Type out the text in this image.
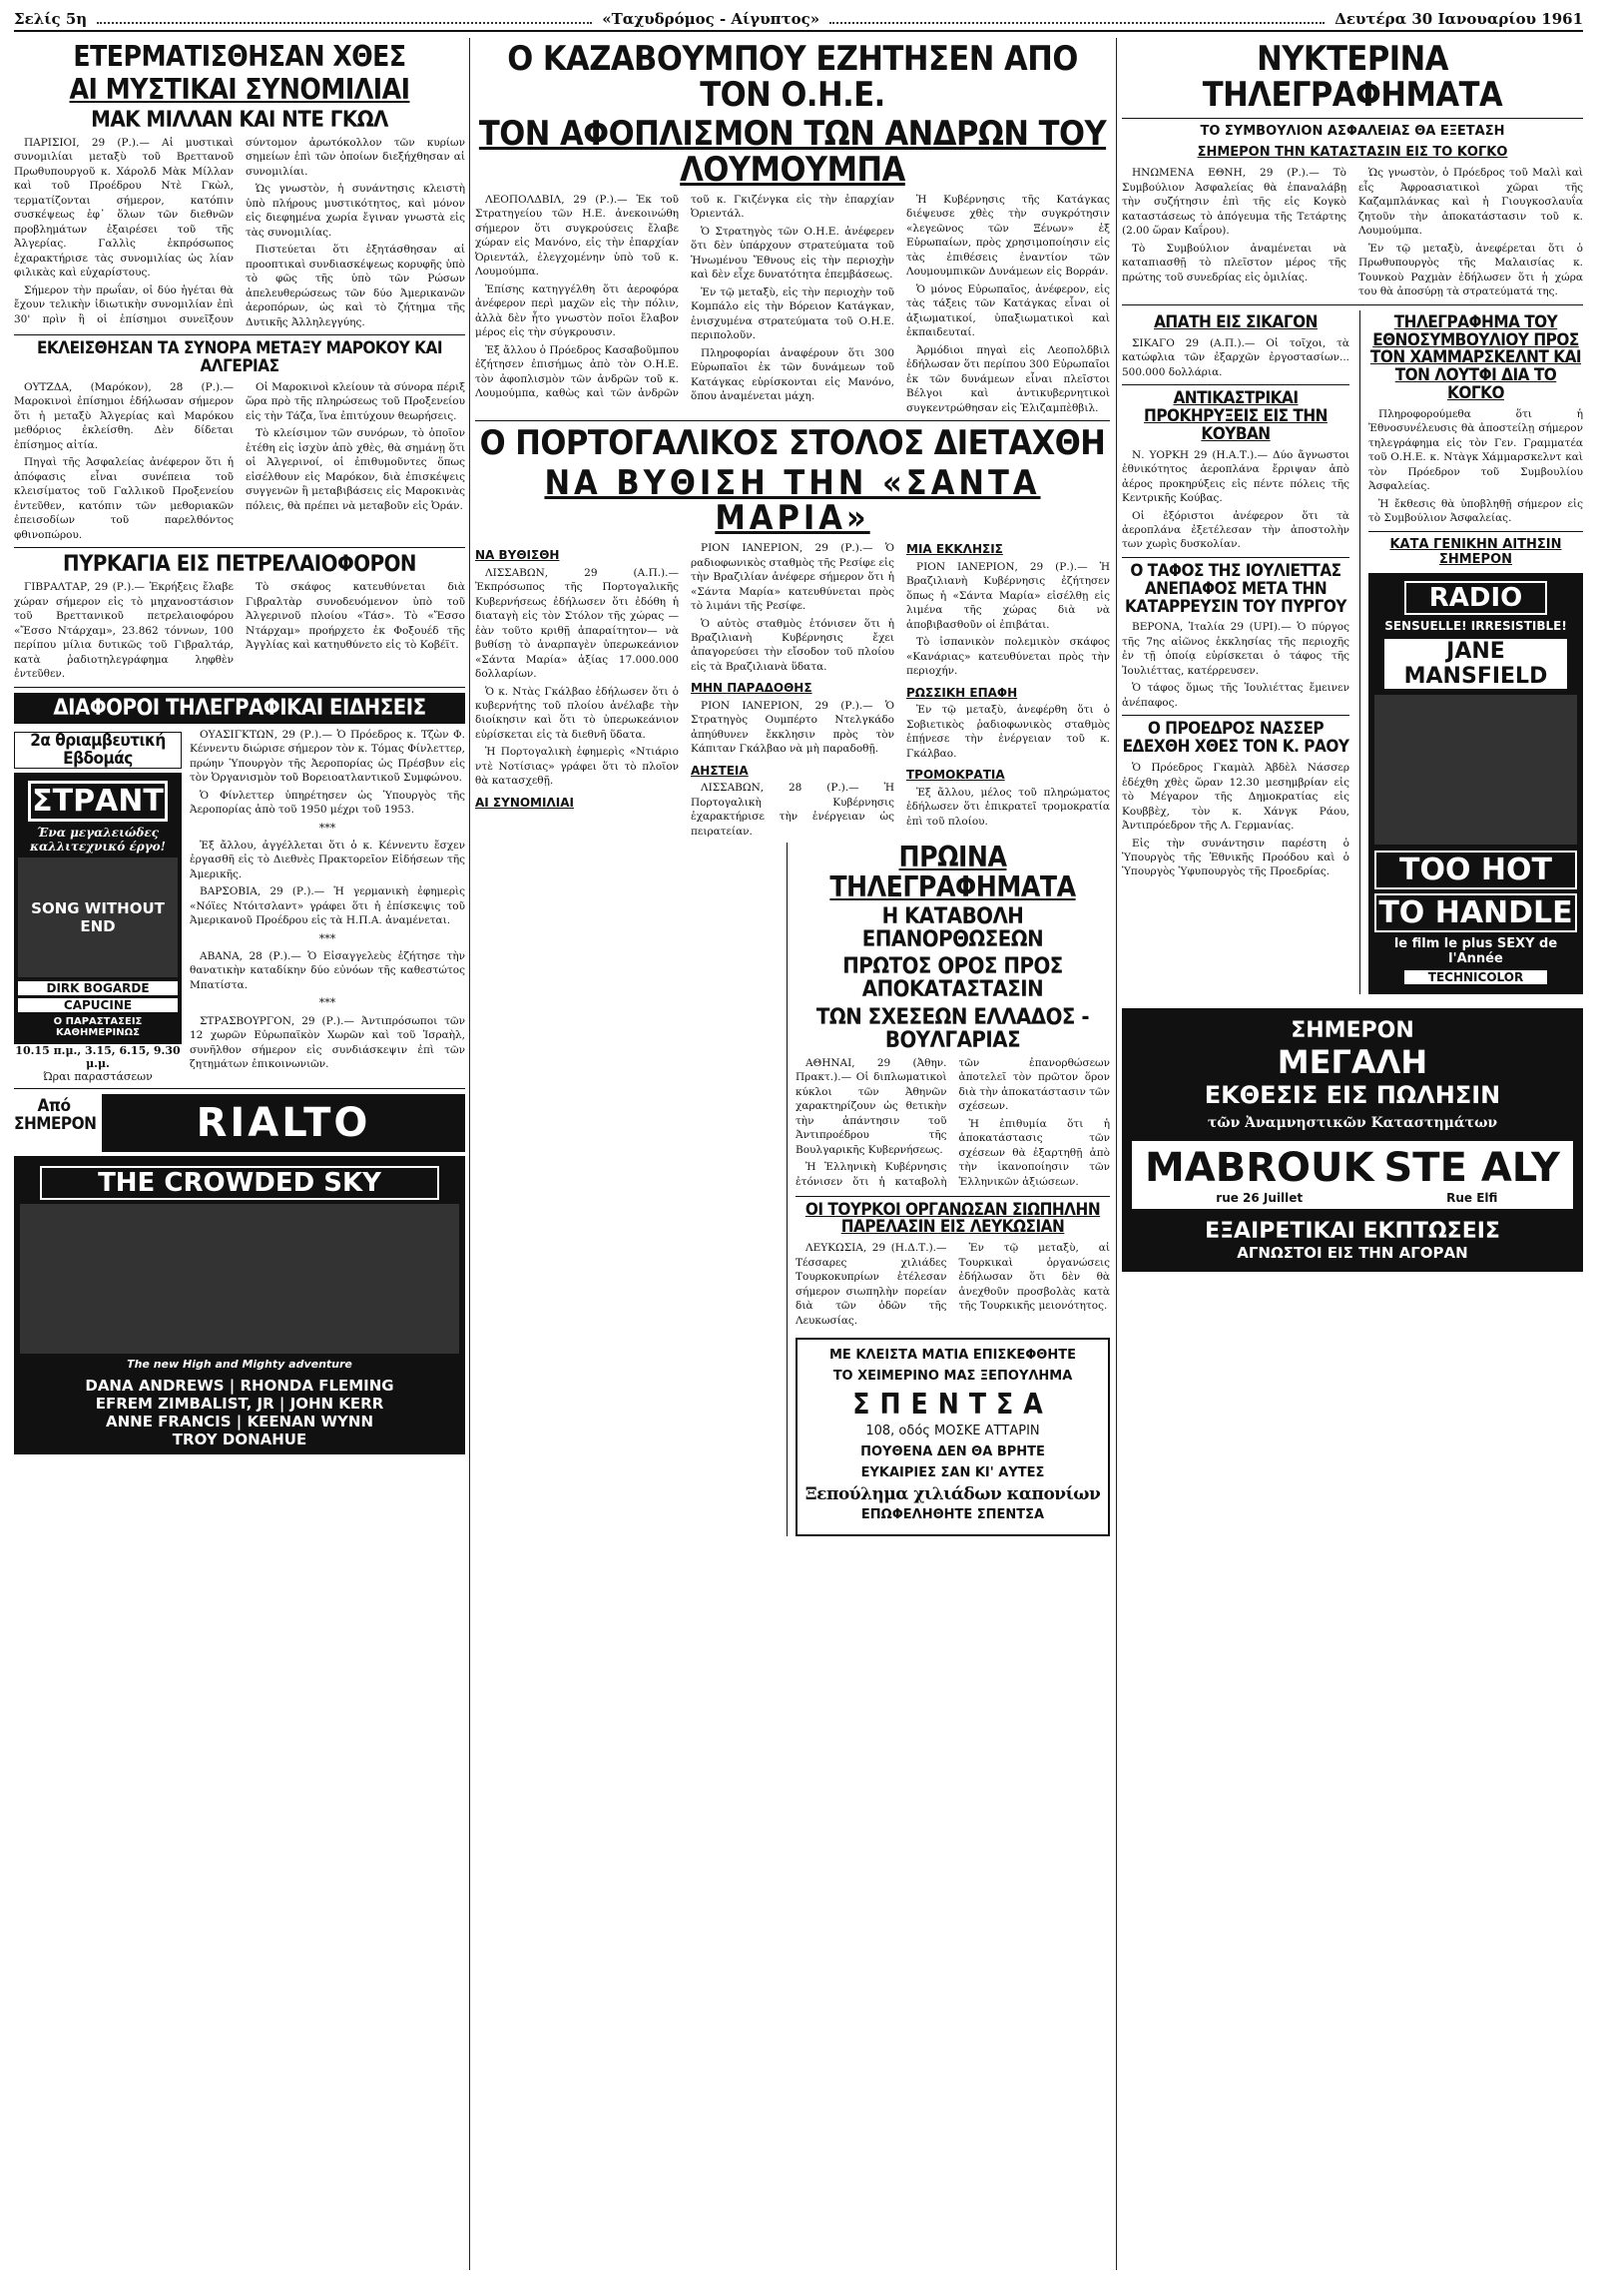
Σελίς 5η	«Ταχυδρόμος - Αίγυπτος»	Δευτέρα 30 Ιανουαρίου 1961
ΕΤΕΡΜΑΤΙΣΘΗΣΑΝ ΧΘΕΣ
ΑΙ ΜΥΣΤΙΚΑΙ ΣΥΝΟΜΙΛΙΑΙ
ΜΑΚ ΜΙΛΛΑΝ ΚΑΙ ΝΤΕ ΓΚΩΛ

ΠΑΡΙΣΙΟΙ, 29 (Ρ.).— Αἱ μυστικαὶ συνομιλίαι μεταξὺ τοῦ Βρεττανοῦ Πρωθυπουργοῦ κ. Χάρολδ Μὰκ Μίλλαν καὶ τοῦ Προέδρου Ντὲ Γκὼλ, τερματίζονται σήμερον, κατόπιν συσκέψεως ἐφ᾿ ὅλων τῶν διεθνῶν προβλημάτων ἐξαιρέσει τοῦ τῆς Ἀλγερίας. Γαλλὶς ἐκπρόσωπος ἐχαρακτήρισε τὰς συνομιλίας ὡς λίαν φιλικὰς καὶ εὐχαρίστους.

Σήμερον τὴν πρωΐαν, οἱ δύο ἡγέται θὰ ἔχουν τελικὴν ἰδιωτικὴν συνομιλίαν ἐπὶ 30' πρὶν ἢ οἱ ἐπίσημοι συνεῖξουν σύντομον ἀρωτόκολλον τῶν κυρίων σημείων ἐπὶ τῶν ὁποίων διεξήχθησαν αἱ συνομιλίαι.

Ὡς γνωστὸν, ἡ συνάντησις κλειστὴ ὑπὸ πλήρους μυστικότητος, καὶ μόνον εἰς διεφημένα χωρία ἔγιναν γνωστὰ εἰς τὰς συνομιλίας.

Πιστεύεται ὅτι ἐξητάσθησαν αἱ προοπτικαὶ συνδιασκέψεως κορυφῆς ὑπὸ τὸ φῶς τῆς ὑπὸ τῶν Ρώσων ἀπελευθερώσεως τῶν δύο Ἀμερικανῶν ἀεροπόρων, ὡς καὶ τὸ ζήτημα τῆς Δυτικῆς Ἀλληλεγγύης.

ΕΚΛΕΙΣΘΗΣΑΝ ΤΑ ΣΥΝΟΡΑ ΜΕΤΑΞΥ ΜΑΡΟΚΟΥ ΚΑΙ ΑΛΓΕΡΙΑΣ

ΟΥΤΖΔΑ, (Μαρόκον), 28 (Ρ.).— Μαροκινοὶ ἐπίσημοι ἐδήλωσαν σήμερον ὅτι ἡ μεταξὺ Ἀλγερίας καὶ Μαρόκου μεθόριος ἐκλείσθη. Δὲν δίδεται ἐπίσημος αἰτία.

Πηγαὶ τῆς Ἀσφαλείας ἀνέφερον ὅτι ἡ ἀπόφασις εἶναι συνέπεια τοῦ κλεισίματος τοῦ Γαλλικοῦ Προξενείου ἐντεῦθεν, κατόπιν τῶν μεθοριακῶν ἐπεισοδίων τοῦ παρελθόντος φθινοπώρου.

Οἱ Μαροκινοὶ κλείουν τὰ σύνορα πέριξ ὥρα πρὸ τῆς πληρώσεως τοῦ Προξενείου εἰς τὴν Τάζα, ἵνα ἐπιτύχουν θεωρήσεις.

Τὸ κλείσιμον τῶν συνόρων, τὸ ὁποῖον ἐτέθη εἰς ἰσχὺν ἀπὸ χθὲς, θὰ σημάνῃ ὅτι οἱ Ἀλγερινοί, οἱ ἐπιθυμοῦντες ὅπως εἰσέλθουν εἰς Μαρόκον, διὰ ἐπισκέψεις συγγενῶν ἢ μεταβιβάσεις εἰς Μαροκινὰς πόλεις, θὰ πρέπει νὰ μεταβοῦν εἰς Ὀράν.

ΠΥΡΚΑΓΙΑ ΕΙΣ ΠΕΤΡΕΛΑΙΟΦΟΡΟΝ

ΓΙΒΡΑΛΤΑΡ, 29 (Ρ.).— Ἐκρήξεις ἔλαβε χώραν σήμερον εἰς τὸ μηχανοστάσιον τοῦ Βρεττανικοῦ πετρελαιοφόρου «Ἔσσο Ντάρχαμ», 23.862 τόννων, 100 περίπου μίλια δυτικῶς τοῦ Γιβραλτάρ, κατὰ ῥαδιοτηλεγράφημα ληφθὲν ἐντεῦθεν.

Τὸ σκάφος κατευθύνεται διὰ Γιβραλτὰρ συνοδευόμενον ὑπὸ τοῦ Ἀλγερινοῦ πλοίου «Τάσ». Τὸ «Ἔσσο Ντάρχαμ» προήρχετο ἐκ Φοξουέδ τῆς Ἀγγλίας καὶ κατηυθύνετο εἰς τὸ Κοβέϊτ.

ΔΙΑΦΟΡΟΙ ΤΗΛΕΓΡΑΦΙΚΑΙ ΕΙΔΗΣΕΙΣ
2α θριαμβευτική Εβδομάς
ΣΤΡΑΝΤ
Ένα μεγαλειώδες καλλιτεχνικό έργο!
SONG WITHOUT END
DIRK BOGARDE
CAPUCINE
Ο ΠΑΡΑΣΤΑΣΕΙΣ ΚΑΘΗΜΕΡΙΝΩΣ
10.15 π.μ., 3.15, 6.15, 9.30 μ.μ.
Ώραι παραστάσεων

ΟΥΑΣΙΓΚΤΩΝ, 29 (Ρ.).— Ὁ Πρόεδρος κ. Τζὼν Φ. Κέννεντυ διώρισε σήμερον τὸν κ. Τόμας Φίνλεττερ, πρώην Ὑπουργὸν τῆς Ἀεροπορίας ὡς Πρέσβυν εἰς τὸν Ὀργανισμὸν τοῦ Βορειοατλαντικοῦ Συμφώνου.

Ὁ Φίνλεττερ ὑπηρέτησεν ὡς Ὑπουργὸς τῆς Ἀεροπορίας ἀπὸ τοῦ 1950 μέχρι τοῦ 1953.

***

Ἐξ ἄλλου, ἀγγέλλεται ὅτι ὁ κ. Κέννεντυ ἔσχεν ἐργασθῆ εἰς τὸ Διεθνὲς Πρακτορεῖον Εἰδήσεων τῆς Ἀμερικῆς.

ΒΑΡΣΟΒΙΑ, 29 (Ρ.).— Ἡ γερμανικὴ ἐφημερὶς «Νόϊες Ντόιτσλαντ» γράφει ὅτι ἡ ἐπίσκεψις τοῦ Ἀμερικανοῦ Προέδρου εἰς τὰ Η.Π.Α. ἀναμένεται.

***

ΑΒΑΝΑ, 28 (Ρ.).— Ὁ Εἰσαγγελεὺς ἐζήτησε τὴν θανατικὴν καταδίκην δύο εὐνόων τῆς καθεστώτος Μπατίστα.

***

ΣΤΡΑΣΒΟΥΡΓΟΝ, 29 (Ρ.).— Ἀντιπρόσωποι τῶν 12 χωρῶν Εὐρωπαϊκὸν Χωρῶν καὶ τοῦ Ἰσραὴλ, συνῆλθον σήμερον εἰς συνδιάσκεψιν ἐπὶ τῶν ζητημάτων ἐπικοινωνιῶν.

Από ΣΗΜΕΡΟΝ	RIALTO
THE CROWDED SKY
The new High and Mighty adventure
DANA ANDREWS | RHONDA FLEMING
EFREM ZIMBALIST, JR | JOHN KERR
ANNE FRANCIS | KEENAN WYNN
TROY DONAHUE
Ο ΚΑΖΑΒΟΥΜΠΟΥ ΕΖΗΤΗΣΕΝ ΑΠΟ ΤΟΝ Ο.Η.Ε.
ΤΟΝ ΑΦΟΠΛΙΣΜΟΝ ΤΩΝ ΑΝΔΡΩΝ ΤΟΥ ΛΟΥΜΟΥΜΠΑ

ΛΕΟΠΟΛΔΒΙΛ, 29 (Ρ.).— Ἐκ τοῦ Στρατηγείου τῶν Η.Ε. ἀνεκοινώθη σήμερον ὅτι συγκρούσεις ἔλαβε χώραν εἰς Μανόνο, εἰς τὴν ἐπαρχίαν Ὀριεντάλ, ἐλεγχομένην ὑπὸ τοῦ κ. Λουμούμπα.

Ἐπίσης κατηγγέλθη ὅτι ἀεροφόρα ἀνέφερον περὶ μαχῶν εἰς τὴν πόλιν, ἀλλὰ δὲν ἦτο γνωστὸν ποῖοι ἔλαβον μέρος εἰς τὴν σύγκρουσιν.

Ἐξ ἄλλου ὁ Πρόεδρος Κασαβοῦμπου ἐζήτησεν ἐπισήμως ἀπὸ τὸν Ο.Η.Ε. τὸν ἀφοπλισμὸν τῶν ἀνδρῶν τοῦ κ. Λουμούμπα, καθὼς καὶ τῶν ἀνδρῶν τοῦ κ. Γκιζένγκα εἰς τὴν ἐπαρχίαν Ὀριεντάλ.

Ὁ Στρατηγὸς τῶν Ο.Η.Ε. ἀνέφερεν ὅτι δὲν ὑπάρχουν στρατεύματα τοῦ Ἡνωμένου Ἔθνους εἰς τὴν περιοχὴν καὶ δὲν εἶχε δυνατότητα ἐπεμβάσεως.

Ἐν τῷ μεταξὺ, εἰς τὴν περιοχὴν τοῦ Κομπάλο εἰς τὴν Βόρειον Κατάγκαν, ἐνισχυμένα στρατεύματα τοῦ Ο.Η.Ε. περιπολοῦν.

Πληροφορίαι ἀναφέρουν ὅτι 300 Εὐρωπαῖοι ἐκ τῶν δυνάμεων τοῦ Κατάγκας εὑρίσκονται εἰς Μανόνο, ὅπου ἀναμένεται μάχη.

Ἡ Κυβέρνησις τῆς Κατάγκας διέψευσε χθὲς τὴν συγκρότησιν «λεγεῶνος τῶν Ξένων» ἐξ Εὐρωπαίων, πρὸς χρησιμοποίησιν εἰς τὰς ἐπιθέσεις ἐναντίον τῶν Λουμουμπικῶν Δυνάμεων εἰς Βορράν.

Ὁ μόνος Εὐρωπαῖος, ἀνέφερον, εἰς τὰς τάξεις τῶν Κατάγκας εἶναι οἱ ἀξιωματικοί, ὑπαξιωματικοὶ καὶ ἐκπαιδευταί.

Ἀρμόδιοι πηγαὶ εἰς Λεοπολδβιλ ἐδήλωσαν ὅτι περίπου 300 Εὐρωπαῖοι ἐκ τῶν δυνάμεων εἶναι πλεῖστοι Βέλγοι καὶ ἀντικυβερνητικοὶ συγκεντρώθησαν εἰς Ἐλιζαμπὲθβιλ.

Ο ΠΟΡΤΟΓΑΛΙΚΟΣ ΣΤΟΛΟΣ ΔΙΕΤΑΧΘΗ
ΝΑ ΒΥΘΙΣΗ ΤΗΝ «ΣΑΝΤΑ ΜΑΡΙΑ»
ΝΑ ΒΥΘΙΣΘΗ

ΛΙΣΣΑΒΩΝ, 29 (Α.Π.).— Ἐκπρόσωπος τῆς Πορτογαλικῆς Κυβερνήσεως ἐδήλωσεν ὅτι ἐδόθη ἡ διαταγὴ εἰς τὸν Στόλον τῆς χώρας —ἐὰν τοῦτο κριθῇ ἀπαραίτητον— νὰ βυθίσῃ τὸ ἀναρπαγὲν ὑπερωκεάνιον «Σάντα Μαρία» ἀξίας 17.000.000 δολλαρίων.

Ὁ κ. Ντὰς Γκάλβαο ἐδήλωσεν ὅτι ὁ κυβερνήτης τοῦ πλοίου ἀνέλαβε τὴν διοίκησιν καὶ ὅτι τὸ ὑπερωκεάνιον εὑρίσκεται εἰς τὰ διεθνῆ ὕδατα.

Ἡ Πορτογαλικὴ ἐφημερὶς «Ντιάριο ντὲ Νοτίσιας» γράφει ὅτι τὸ πλοῖον θὰ κατασχεθῇ.

ΑΙ ΣΥΝΟΜΙΛΙΑΙ

ΡΙΟΝ ΙΑΝΕΡΙΟΝ, 29 (Ρ.).— Ὁ ραδιοφωνικὸς σταθμὸς τῆς Ρεσίφε εἰς τὴν Βραζιλίαν ἀνέφερε σήμερον ὅτι ἡ «Σάντα Μαρία» κατευθύνεται πρὸς τὸ λιμάνι τῆς Ρεσίφε.

Ὁ αὐτὸς σταθμὸς ἐτόνισεν ὅτι ἡ Βραζιλιανὴ Κυβέρνησις ἔχει ἀπαγορεύσει τὴν εἴσοδον τοῦ πλοίου εἰς τὰ Βραζιλιανὰ ὕδατα.

ΜΗΝ ΠΑΡΑΔΟΘΗΣ

ΡΙΟΝ ΙΑΝΕΡΙΟΝ, 29 (Ρ.).— Ὁ Στρατηγὸς Ουμπέρτο Ντελγκάδο ἀπηύθυνεν ἔκκλησιν πρὸς τὸν Κάπιταν Γκάλβαο νὰ μὴ παραδοθῇ.

ΑΗΣΤΕΙΑ

ΛΙΣΣΑΒΩΝ, 28 (Ρ.).— Ἡ Πορτογαλικὴ Κυβέρνησις ἐχαρακτήρισε τὴν ἐνέργειαν ὡς πειρατείαν.

ΜΙΑ ΕΚΚΛΗΣΙΣ

ΡΙΟΝ ΙΑΝΕΡΙΟΝ, 29 (Ρ.).— Ἡ Βραζιλιανὴ Κυβέρνησις ἐζήτησεν ὅπως ἡ «Σάντα Μαρία» εἰσέλθῃ εἰς λιμένα τῆς χώρας διὰ νὰ ἀποβιβασθοῦν οἱ ἐπιβάται.

Τὸ ἰσπανικὸν πολεμικὸν σκάφος «Κανάριας» κατευθύνεται πρὸς τὴν περιοχήν.

ΡΩΣΣΙΚΗ ΕΠΑΦΗ

Ἐν τῷ μεταξὺ, ἀνεφέρθη ὅτι ὁ Σοβιετικὸς ῥαδιοφωνικὸς σταθμὸς ἐπῄνεσε τὴν ἐνέργειαν τοῦ κ. Γκάλβαο.

ΤΡΟΜΟΚΡΑΤΙΑ

Ἐξ ἄλλου, μέλος τοῦ πληρώματος ἐδήλωσεν ὅτι ἐπικρατεῖ τρομοκρατία ἐπὶ τοῦ πλοίου.

ΠΡΩΙΝΑ ΤΗΛΕΓΡΑΦΗΜΑΤΑ
Η ΚΑΤΑΒΟΛΗ ΕΠΑΝΟΡΘΩΣΕΩΝ
ΠΡΩΤΟΣ ΟΡΟΣ ΠΡΟΣ ΑΠΟΚΑΤΑΣΤΑΣΙΝ
ΤΩΝ ΣΧΕΣΕΩΝ ΕΛΛΑΔΟΣ - ΒΟΥΛΓΑΡΙΑΣ

ΑΘΗΝΑΙ, 29 (Ἀθην. Πρακτ.).— Οἱ διπλωματικοὶ κύκλοι τῶν Ἀθηνῶν χαρακτηρίζουν ὡς θετικὴν τὴν ἀπάντησιν τοῦ Ἀντιπροέδρου τῆς Βουλγαρικῆς Κυβερνήσεως.

Ἡ Ἑλληνικὴ Κυβέρνησις ἐτόνισεν ὅτι ἡ καταβολὴ τῶν ἐπανορθώσεων ἀποτελεῖ τὸν πρῶτον ὅρον διὰ τὴν ἀποκατάστασιν τῶν σχέσεων.

Ἡ ἐπιθυμία ὅτι ἡ ἀποκατάστασις τῶν σχέσεων θὰ ἐξαρτηθῇ ἀπὸ τὴν ἱκανοποίησιν τῶν Ἑλληνικῶν ἀξιώσεων.

ΟΙ ΤΟΥΡΚΟΙ ΟΡΓΑΝΩΣΑΝ ΣΙΩΠΗΛΗΝ ΠΑΡΕΛΑΣΙΝ ΕΙΣ ΛΕΥΚΩΣΙΑΝ

ΛΕΥΚΩΣΙΑ, 29 (Η.Δ.Τ.).— Τέσσαρες χιλιάδες Τουρκοκυπρίων ἐτέλεσαν σήμερον σιωπηλὴν πορείαν διὰ τῶν ὁδῶν τῆς Λευκωσίας.

Ἐν τῷ μεταξὺ, αἱ Τουρκικαὶ ὀργανώσεις ἐδήλωσαν ὅτι δὲν θὰ ἀνεχθοῦν προσβολὰς κατὰ τῆς Τουρκικῆς μειονότητος.

ΜΕ ΚΛΕΙΣΤΑ ΜΑΤΙΑ ΕΠΙΣΚΕΦΘΗΤΕ
ΤΟ ΧΕΙΜΕΡΙΝΟ ΜΑΣ ΞΕΠΟΥΛΗΜΑ
ΣΠΕΝΤΣΑ
108, οδός ΜΟΣΚΕ ΑΤΤΑΡΙΝ
ΠΟΥΘΕΝΑ ΔΕΝ ΘΑ ΒΡΗΤΕ
ΕΥΚΑΙΡΙΕΣ ΣΑΝ ΚΙ' ΑΥΤΕΣ
Ξεπούλημα χιλιάδων καπονίων
ΕΠΩΦΕΛΗΘΗΤΕ ΣΠΕΝΤΣΑ
ΝΥΚΤΕΡΙΝΑ ΤΗΛΕΓΡΑΦΗΜΑΤΑ
ΤΟ ΣΥΜΒΟΥΛΙΟΝ ΑΣΦΑΛΕΙΑΣ ΘΑ ΕΞΕΤΑΣΗ
ΣΗΜΕΡΟΝ ΤΗΝ ΚΑΤΑΣΤΑΣΙΝ ΕΙΣ ΤΟ ΚΟΓΚΟ

ΗΝΩΜΕΝΑ ΕΘΝΗ, 29 (Ρ.).— Τὸ Συμβούλιον Ἀσφαλείας θὰ ἐπαναλάβῃ τὴν συζήτησιν ἐπὶ τῆς εἰς Κογκὸ καταστάσεως τὸ ἀπόγευμα τῆς Τετάρτης (2.00 ὥραν Καΐρου).

Τὸ Συμβούλιον ἀναμένεται νὰ καταπιασθῇ τὸ πλεῖστον μέρος τῆς πρώτης τοῦ συνεδρίας εἰς ὁμιλίας.

Ὡς γνωστὸν, ὁ Πρόεδρος τοῦ Μαλὶ καὶ εἷς Ἀφροασιατικοὶ χῶραι τῆς Καζαμπλάνκας καὶ ἡ Γιουγκοσλαυΐα ζητοῦν τὴν ἀποκατάστασιν τοῦ κ. Λουμούμπα.

Ἐν τῷ μεταξὺ, ἀνεφέρεται ὅτι ὁ Πρωθυπουργὸς τῆς Μαλαισίας κ. Τουνκοὺ Ραχμὰν ἐδήλωσεν ὅτι ἡ χώρα του θὰ ἀποσύρῃ τὰ στρατεύματά της.

ΑΠΑΤΗ ΕΙΣ ΣΙΚΑΓΟΝ

ΣΙΚΑΓΟ 29 (Α.Π.).— Οἱ τοῖχοι, τὰ κατώφλια τῶν ἐξαρχῶν ἐργοστασίων... 500.000 δολλάρια.

ΑΝΤΙΚΑΣΤΡΙΚΑΙ ΠΡΟΚΗΡΥΞΕΙΣ ΕΙΣ ΤΗΝ ΚΟΥΒΑΝ

Ν. ΥΟΡΚΗ 29 (Η.Α.Τ.).— Δύο ἄγνωστοι ἐθνικότητος ἀεροπλάνα ἔρριψαν ἀπὸ ἀέρος προκηρύξεις εἰς πέντε πόλεις τῆς Κεντρικῆς Κούβας.

Οἱ ἐξόριστοι ἀνέφερον ὅτι τὰ ἀεροπλάνα ἐξετέλεσαν τὴν ἀποστολὴν των χωρὶς δυσκολίαν.

Ο ΤΑΦΟΣ ΤΗΣ ΙΟΥΛΙΕΤΤΑΣ ΑΝΕΠΑΦΟΣ ΜΕΤΑ ΤΗΝ ΚΑΤΑΡΡΕΥΣΙΝ ΤΟΥ ΠΥΡΓΟΥ

ΒΕΡΟΝΑ, Ἰταλία 29 (UPI).— Ὁ πύργος τῆς 7ης αἰῶνος ἐκκλησίας τῆς περιοχῆς ἐν τῇ ὁποίᾳ εὑρίσκεται ὁ τάφος τῆς Ἰουλιέττας, κατέρρευσεν.

Ὁ τάφος ὅμως τῆς Ἰουλιέττας ἔμεινεν ἀνέπαφος.

Ο ΠΡΟΕΔΡΟΣ ΝΑΣΣΕΡ ΕΔΕΧΘΗ ΧΘΕΣ ΤΟΝ Κ. ΡΑΟΥ

Ὁ Πρόεδρος Γκαμὰλ Ἀβδὲλ Νάσσερ ἐδέχθη χθὲς ὥραν 12.30 μεσημβρίαν εἰς τὸ Μέγαρον τῆς Δημοκρατίας εἰς Κουββὲχ, τὸν κ. Χάνγκ Ράου, Ἀντιπρόεδρον τῆς Λ. Γερμανίας.

Εἰς τὴν συνάντησιν παρέστη ὁ Ὑπουργὸς τῆς Ἐθνικῆς Προόδου καὶ ὁ Ὑπουργὸς Ὑφυπουργὸς τῆς Προεδρίας.

ΤΗΛΕΓΡΑΦΗΜΑ ΤΟΥ ΕΘΝΟΣΥΜΒΟΥΛΙΟΥ ΠΡΟΣ ΤΟΝ ΧΑΜΜΑΡΣΚΕΛΝΤ ΚΑΙ ΤΟΝ ΛΟΥΤΦΙ ΔΙΑ ΤΟ ΚΟΓΚΟ

Πληροφορούμεθα ὅτι ἡ Ἐθνοσυνέλευσις θὰ ἀποστείλῃ σήμερον τηλεγράφημα εἰς τὸν Γεν. Γραμματέα τοῦ Ο.Η.Ε. κ. Ντὰγκ Χάμμαρσκελντ καὶ τὸν Πρόεδρον τοῦ Συμβουλίου Ἀσφαλείας.

Ἡ ἔκθεσις θὰ ὑποβληθῇ σήμερον εἰς τὸ Συμβούλιον Ἀσφαλείας.

ΚΑΤΑ ΓΕΝΙΚΗΝ ΑΙΤΗΣΙΝ ΣΗΜΕΡΟΝ
RADIO
SENSUELLE! IRRESISTIBLE!
JANE MANSFIELD
TOO HOT
TO HANDLE
le film le plus SEXY de l'Année
TECHNICOLOR
ΣΗΜΕΡΟΝ
ΜΕΓΑΛΗ
ΕΚΘΕΣΙΣ ΕΙΣ ΠΩΛΗΣΙΝ
τῶν Ἀναμνηστικῶν Καταστημάτων
MABROUK
rue 26 Juillet
STE ALY
Rue Elfi
ΕΞΑΙΡΕΤΙΚΑΙ ΕΚΠΤΩΣΕΙΣ
ΑΓΝΩΣΤΟΙ ΕΙΣ ΤΗΝ ΑΓΟΡΑΝ
